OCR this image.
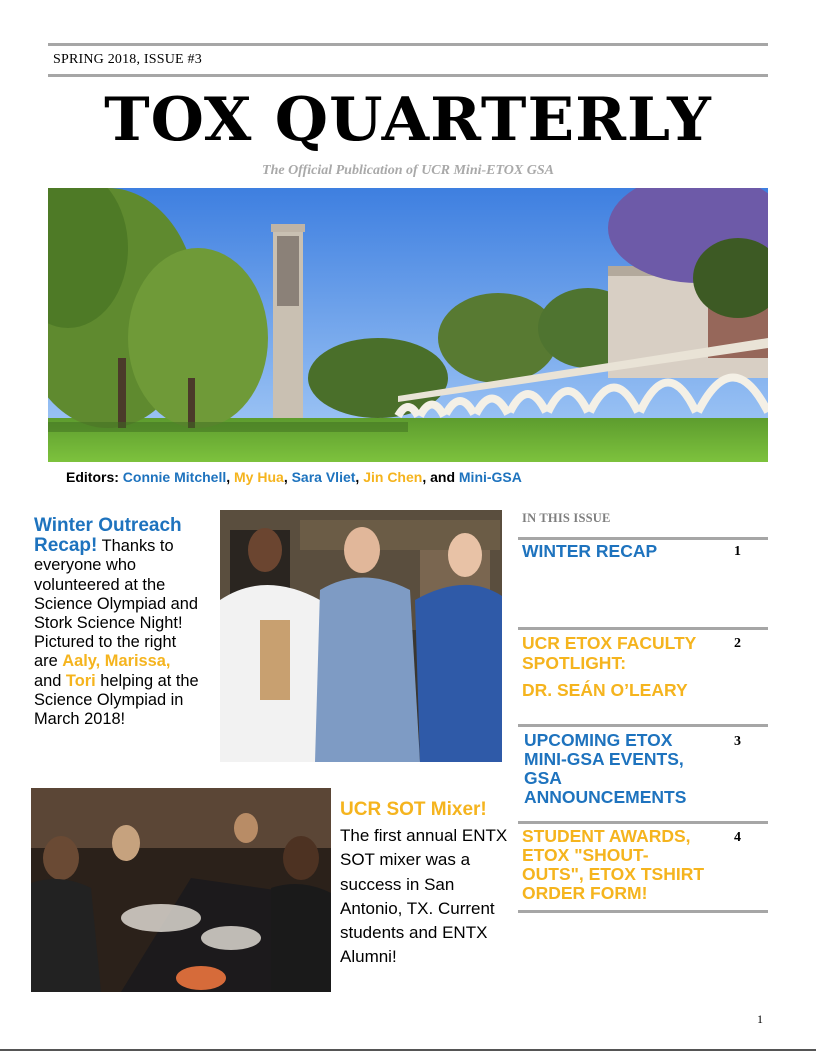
SPRING 2018, ISSUE #3
TOX QUARTERLY
The Official Publication of UCR Mini-ETOX GSA
Editors: Connie Mitchell, My Hua, Sara Vliet, Jin Chen, and Mini-GSA
Winter Outreach Recap! Thanks to everyone who volunteered at the Science Olympiad and Stork Science Night! Pictured to the right are Aaly, Marissa, and Tori helping at the Science Olympiad in March 2018!
UCR SOT Mixer!
The first annual ENTX SOT mixer was a success in San Antonio, TX. Current students and ENTX Alumni!
IN THIS ISSUE
WINTER RECAP	1
UCR ETOX FACULTY
SPOTLIGHT:
DR. SEÁN O’LEARY
2
UPCOMING ETOX
MINI-GSA EVENTS,
GSA
ANNOUNCEMENTS
3
STUDENT AWARDS,
ETOX "SHOUT-
OUTS", ETOX TSHIRT
ORDER FORM!
4
1
